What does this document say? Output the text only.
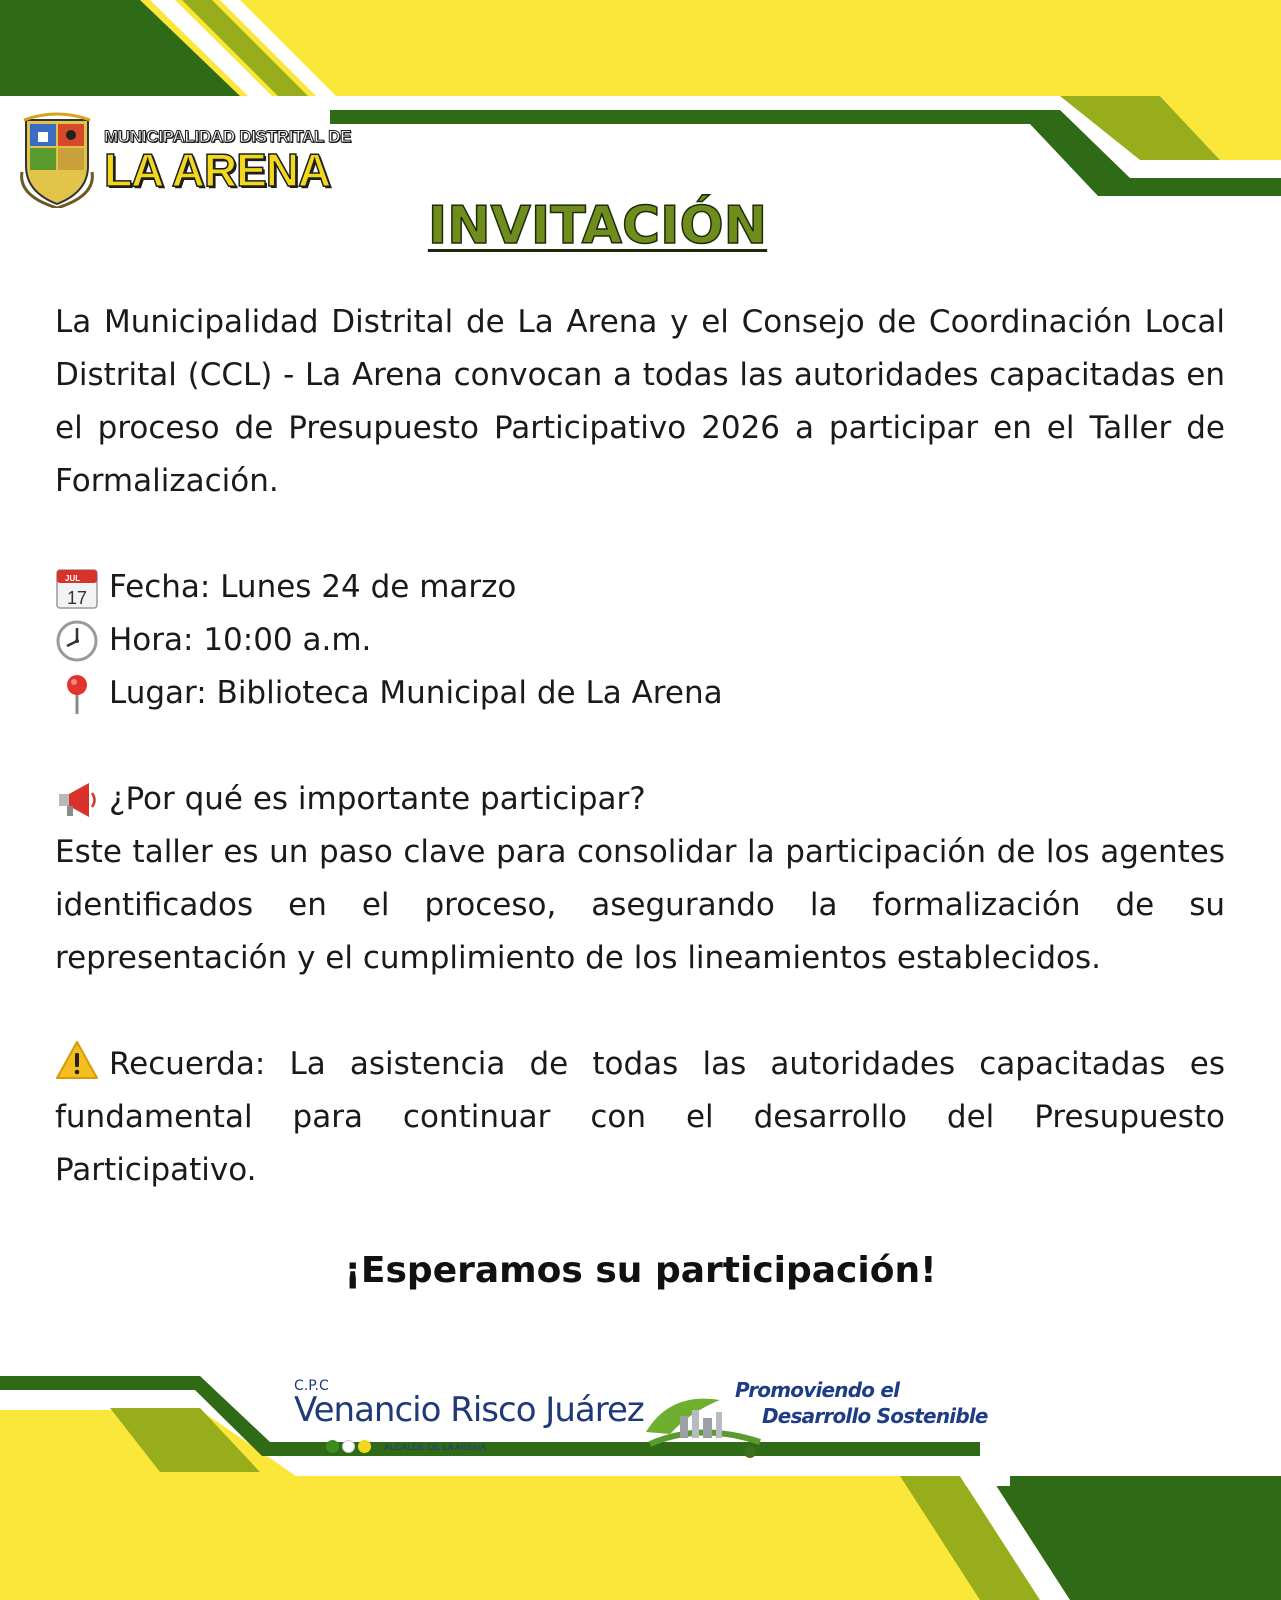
MUNICIPALIDAD DISTRITAL DE
LA ARENA
INVITACIÓN

La Municipalidad Distrital de La Arena y el Consejo de Coordinación Local Distrital (CCL) - La Arena convocan a todas las autoridades capacitadas en el proceso de Presupuesto Participativo 2026 a participar en el Taller de Formalización.

JUL
17 Fecha: Lunes 24 de marzo
Hora: 10:00 a.m.
Lugar: Biblioteca Municipal de La Arena
¿Por qué es importante participar?

Este taller es un paso clave para consolidar la participación de los agentes identificados en el proceso, asegurando la formalización de su representación y el cumplimiento de los lineamientos establecidos.

Recuerda: La asistencia de todas las autoridades capacitadas es fundamental para continuar con el desarrollo del Presupuesto Participativo.

¡Esperamos su participación!
C.P.C
Venancio Risco Juárez
ALCALDE DE LA ARENA
Promoviendo el
Desarrollo Sostenible
